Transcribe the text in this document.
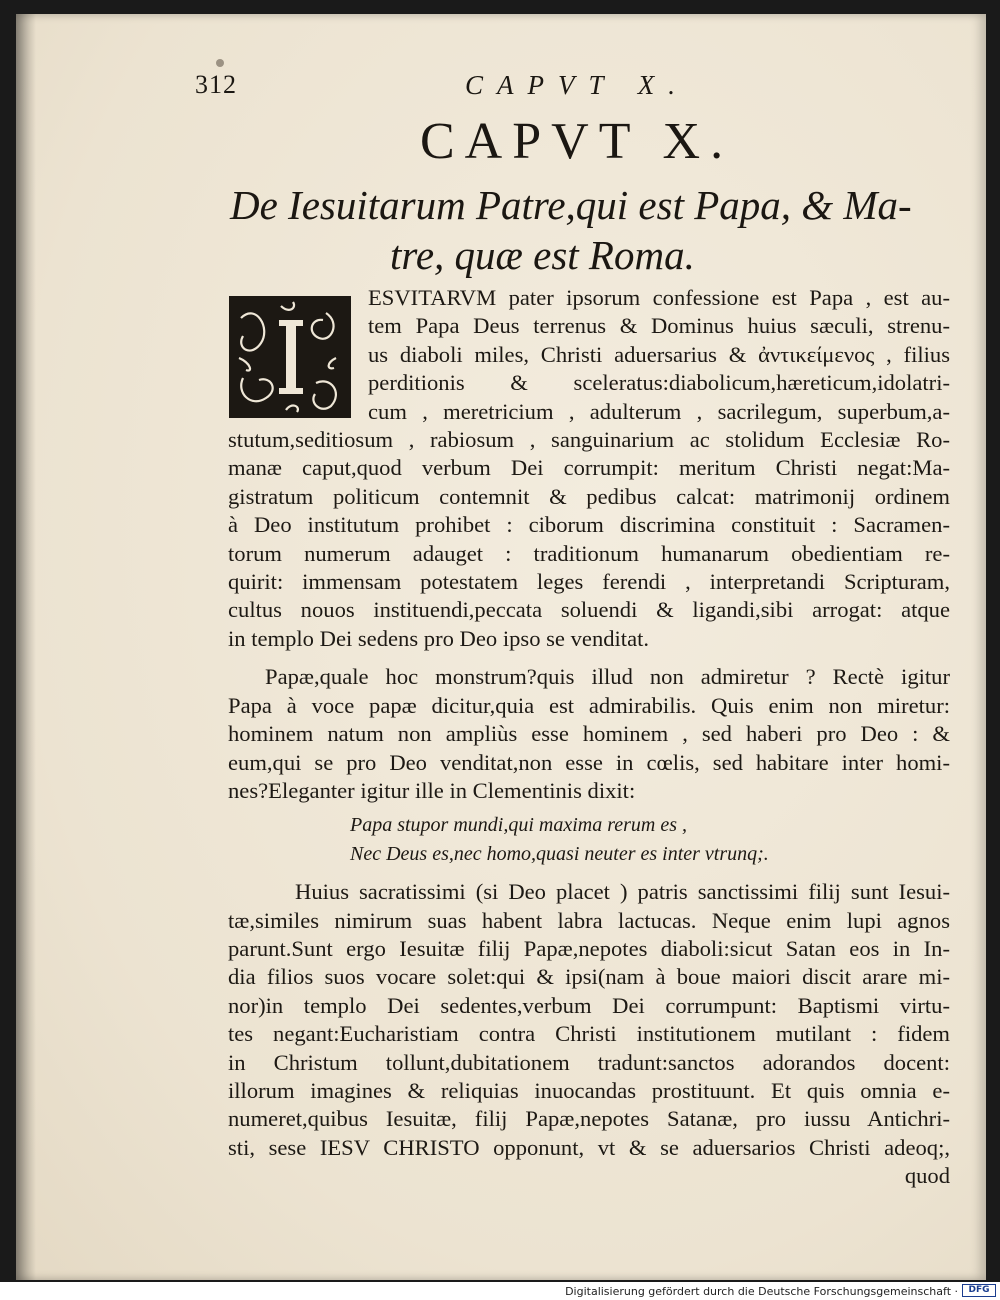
312	CAPVT X.
CAPVT X.
De Iesuitarum Patre,qui est Papa, & Ma-
tre, quæ est Roma.
ESVITARVM pater ipsorum confessione est Papa , est au-
tem Papa Deus terrenus & Dominus huius sæculi, strenu-
us diaboli miles, Christi aduersarius & ἀντικείμενος , filius
perditionis & sceleratus:diabolicum,hæreticum,idolatri-
cum , meretricium , adulterum , sacrilegum, superbum,a-
stutum,seditiosum , rabiosum , sanguinarium ac stolidum Ecclesiæ Ro-
manæ caput,quod verbum Dei corrumpit: meritum Christi negat:Ma-
gistratum politicum contemnit & pedibus calcat: matrimonij ordinem
à Deo institutum prohibet : ciborum discrimina constituit : Sacramen-
torum numerum adauget : traditionum humanarum obedientiam re-
quirit: immensam potestatem leges ferendi , interpretandi Scripturam,
cultus nouos instituendi,peccata soluendi & ligandi,sibi arrogat: atque
in templo Dei sedens pro Deo ipso se venditat.
Papæ,quale hoc monstrum?quis illud non admiretur ? Rectè igitur
Papa à voce papæ dicitur,quia est admirabilis. Quis enim non miretur:
hominem natum non ampliùs esse hominem , sed haberi pro Deo : &
eum,qui se pro Deo venditat,non esse in cœlis, sed habitare inter homi-
nes?Eleganter igitur ille in Clementinis dixit:
Papa stupor mundi,qui maxima rerum es ,
Nec Deus es,nec homo,quasi neuter es inter vtrunq;.
Huius sacratissimi (si Deo placet ) patris sanctissimi filij sunt Iesui-
tæ,similes nimirum suas habent labra lactucas. Neque enim lupi agnos
parunt.Sunt ergo Iesuitæ filij Papæ,nepotes diaboli:sicut Satan eos in In-
dia filios suos vocare solet:qui & ipsi(nam à boue maiori discit arare mi-
nor)in templo Dei sedentes,verbum Dei corrumpunt: Baptismi virtu-
tes negant:Eucharistiam contra Christi institutionem mutilant : fidem
in Christum tollunt,dubitationem tradunt:sanctos adorandos docent:
illorum imagines & reliquias inuocandas prostituunt. Et quis omnia e-
numeret,quibus Iesuitæ, filij Papæ,nepotes Satanæ, pro iussu Antichri-
sti, sese IESV CHRISTO opponunt, vt & se aduersarios Christi adeoq;,
quod
Digitalisierung gefördert durch die Deutsche Forschungsgemeinschaft ·	DFG
